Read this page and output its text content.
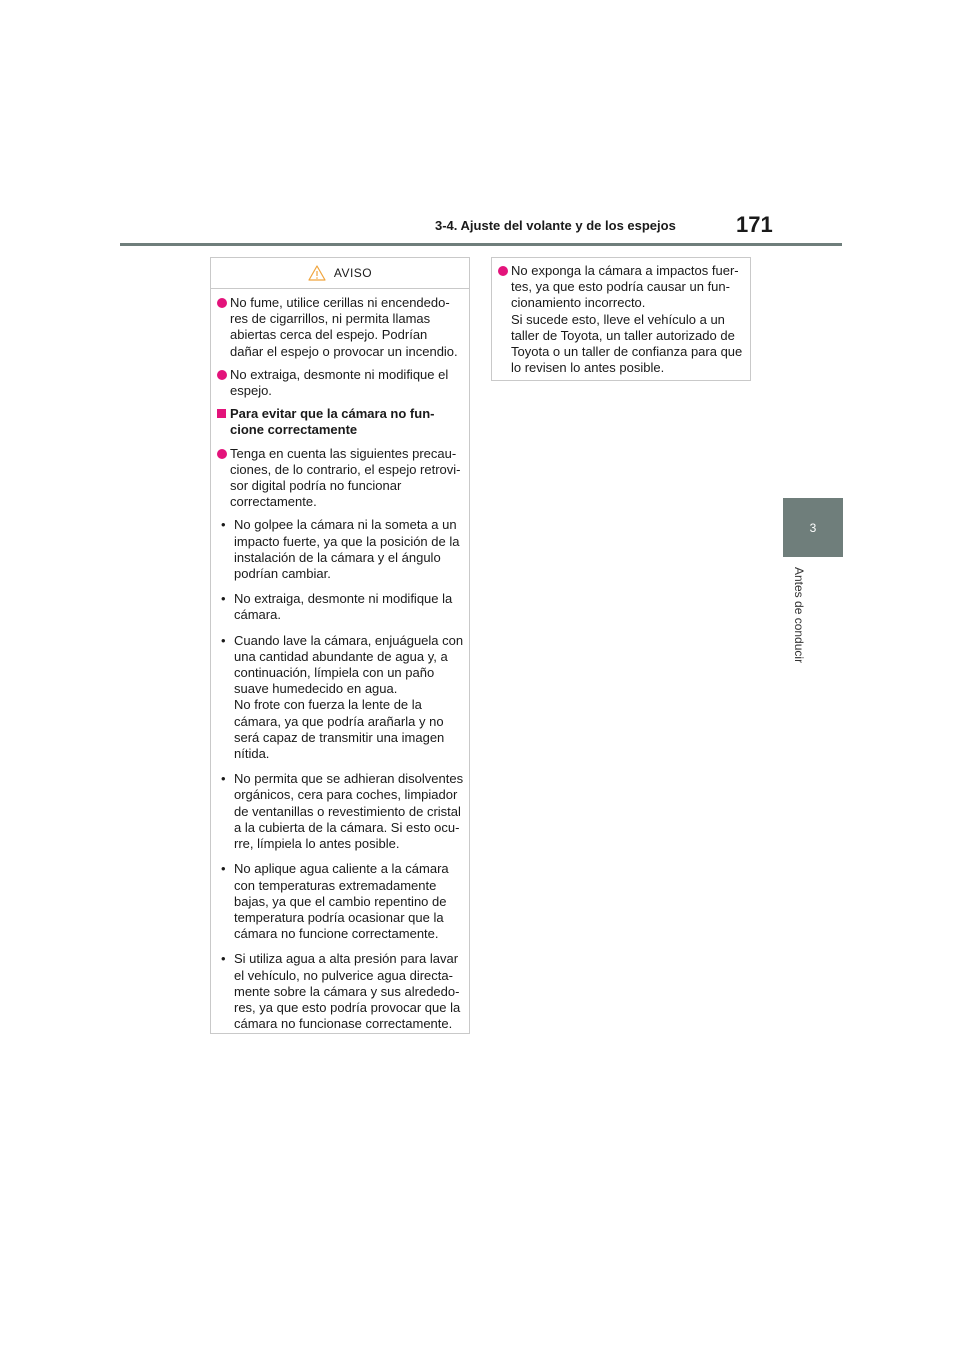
3-4. Ajuste del volante y de los espejos	171
3
Antes de conducir
AVISO
No fume, utilice cerillas ni encendedo-
res de cigarrillos, ni permita llamas
abiertas cerca del espejo. Podrían
dañar el espejo o provocar un incendio.
No extraiga, desmonte ni modifique el
espejo.
Para evitar que la cámara no fun-
cione correctamente
Tenga en cuenta las siguientes precau-
ciones, de lo contrario, el espejo retrovi-
sor digital podría no funcionar
correctamente.
• No golpee la cámara ni la someta a un
impacto fuerte, ya que la posición de la
instalación de la cámara y el ángulo
podrían cambiar.
• No extraiga, desmonte ni modifique la
cámara.
• Cuando lave la cámara, enjuáguela con
una cantidad abundante de agua y, a
continuación, límpiela con un paño
suave humedecido en agua.
No frote con fuerza la lente de la
cámara, ya que podría arañarla y no
será capaz de transmitir una imagen
nítida.
• No permita que se adhieran disolventes
orgánicos, cera para coches, limpiador
de ventanillas o revestimiento de cristal
a la cubierta de la cámara. Si esto ocu-
rre, límpiela lo antes posible.
• No aplique agua caliente a la cámara
con temperaturas extremadamente
bajas, ya que el cambio repentino de
temperatura podría ocasionar que la
cámara no funcione correctamente.
• Si utiliza agua a alta presión para lavar
el vehículo, no pulverice agua directa-
mente sobre la cámara y sus alrededo-
res, ya que esto podría provocar que la
cámara no funcionase correctamente.
No exponga la cámara a impactos fuer-
tes, ya que esto podría causar un fun-
cionamiento incorrecto.
Si sucede esto, lleve el vehículo a un
taller de Toyota, un taller autorizado de
Toyota o un taller de confianza para que
lo revisen lo antes posible.
